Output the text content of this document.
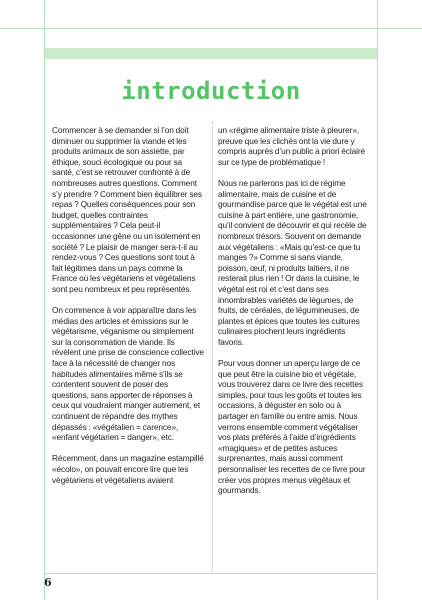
introduction

Commencer à se demander si l’on doit diminuer ou supprimer la viande et les produits animaux de son assiette, par éthique, souci écologique ou pour sa santé, c’est se retrouver confronté à de nombreuses autres questions. Comment s’y prendre ? Comment bien équilibrer ses repas ? Quelles conséquences pour son budget, quelles contraintes supplémentaires ? Cela peut-il occasionner une gêne ou un isolement en société ? Le plaisir de manger sera-t-il au rendez-vous ? Ces questions sont tout à fait légitimes dans un pays comme la France où les végétariens et végétaliens sont peu nombreux et peu représentés.

On commence à voir apparaître dans les médias des articles et émissions sur le végétarisme, véganisme ou simplement sur la consommation de viande. Ils révèlent une prise de conscience collective face à la nécessité de changer nos habitudes alimentaires même s’ils se contentent souvent de poser des questions, sans apporter de réponses à ceux qui voudraient manger autrement, et continuent de répandre des mythes dépassés : «végétalien = carence», «enfant végétarien = danger», etc.

Récemment, dans un magazine estampillé «écolo», on pouvait encore lire que les végétariens et végétaliens avaient

un «régime alimentaire triste à pleurer», preuve que les clichés ont la vie dure y compris auprès d’un public a priori éclairé sur ce type de problématique !

Nous ne parlerons pas ici de régime alimentaire, mais de cuisine et de gourmandise parce que le végétal est une cuisine à part entière, une gastronomie, qu’il convient de découvrir et qui recèle de nombreux trésors. Souvent on demande aux végétaliens : «Mais qu’est-ce que tu manges ?» Comme si sans viande, poisson, œuf, ni produits laitiers, il ne resterait plus rien ! Or dans la cuisine, le végétal est roi et c’est dans ses innombrables variétés de légumes, de fruits, de céréales, de légumineuses, de plantes et épices que toutes les cultures culinaires piochent leurs ingrédients favoris.

Pour vous donner un aperçu large de ce que peut être la cuisine bio et végétale, vous trouverez dans ce livre des recettes simples, pour tous les goûts et toutes les occasions, à déguster en solo ou à partager en famille ou entre amis. Nous verrons ensemble comment végétaliser vos plats préférés à l’aide d’ingrédients «magiques» et de petites astuces surprenantes, mais aussi comment personnaliser les recettes de ce livre pour créer vos propres menus végétaux et gourmands.

6
